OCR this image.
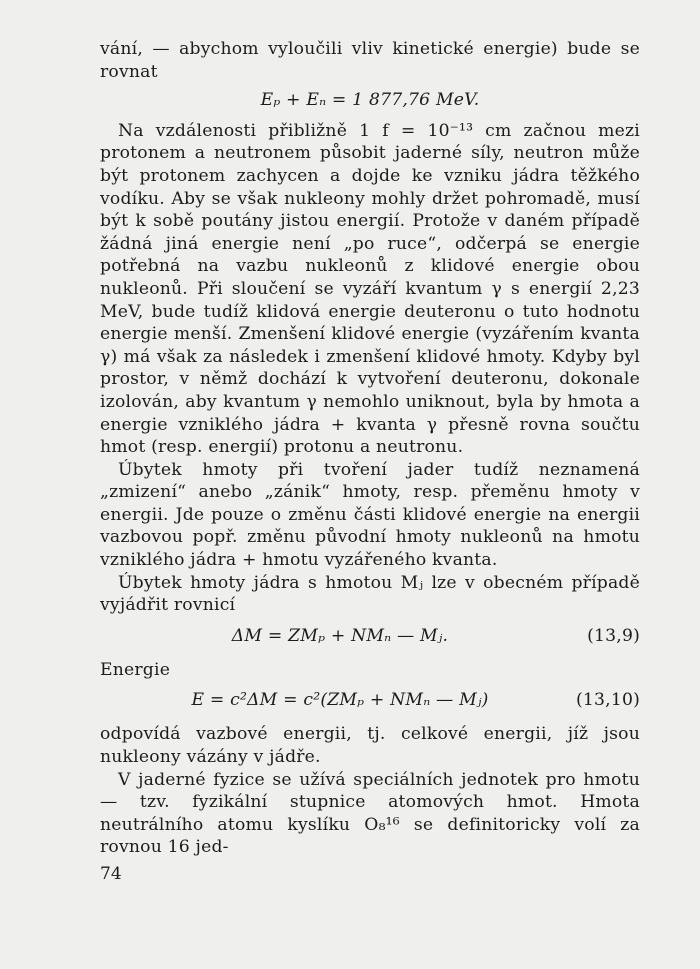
vání, — abychom vyloučili vliv kinetické energie) bude se rovnat

Eₚ + Eₙ = 1 877,76 MeV.

Na vzdálenosti přibližně 1 f = 10⁻¹³ cm začnou mezi protonem a neutronem působit jaderné síly, neutron může být protonem zachycen a dojde ke vzniku jádra těžkého vodíku. Aby se však nukleony mohly držet pohromadě, musí být k sobě poutány jistou energií. Protože v daném případě žádná jiná energie není „po ruce“, odčerpá se energie potřebná na vazbu nukleonů z klidové energie obou nukleonů. Při sloučení se vyzáří kvantum γ s energií 2,23 MeV, bude tudíž klidová energie deuteronu o tuto hodnotu energie menší. Zmenšení klidové energie (vyzářením kvanta γ) má však za následek i zmenšení klidové hmoty. Kdyby byl prostor, v němž dochází k vytvoření deuteronu, dokonale izolován, aby kvantum γ nemohlo uniknout, byla by hmota a energie vzniklého jádra + kvanta γ přesně rovna součtu hmot (resp. energií) protonu a neutronu.

Úbytek hmoty při tvoření jader tudíž neznamená „zmizení“ anebo „zánik“ hmoty, resp. přeměnu hmoty v energii. Jde pouze o změnu části klidové energie na energii vazbovou popř. změnu původní hmoty nukleonů na hmotu vzniklého jádra + hmotu vyzářeného kvanta.

Úbytek hmoty jádra s hmotou Mⱼ lze v obecném případě vyjádřit rovnicí

ΔM = ZMₚ + NMₙ — Mⱼ.	(13,9)

Energie

E = c²ΔM = c²(ZMₚ + NMₙ — Mⱼ)	(13,10)

odpovídá vazbové energii, tj. celkové energii, jíž jsou nukleony vázány v jádře.

V jaderné fyzice se užívá speciálních jednotek pro hmotu — tzv. fyzikální stupnice atomových hmot. Hmota neutrálního atomu kyslíku O₈¹⁶ se definitoricky volí za rovnou 16 jed-

74
